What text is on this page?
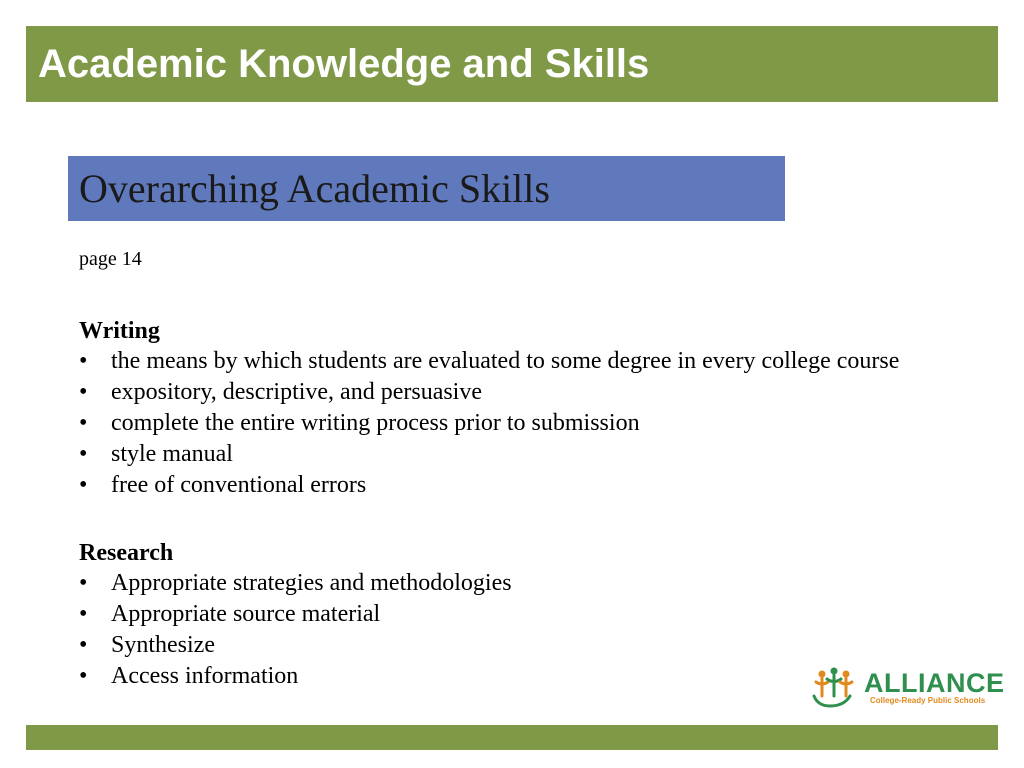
Academic Knowledge and Skills
Overarching Academic Skills

page 14

Writing

• the means by which students are evaluated to some degree in every college course
• expository, descriptive, and persuasive
• complete the entire writing process prior to submission
• style manual
• free of conventional errors

Research

• Appropriate strategies and methodologies
• Appropriate source material
• Synthesize
• Access information	ALLIANCE
College-Ready Public Schools
